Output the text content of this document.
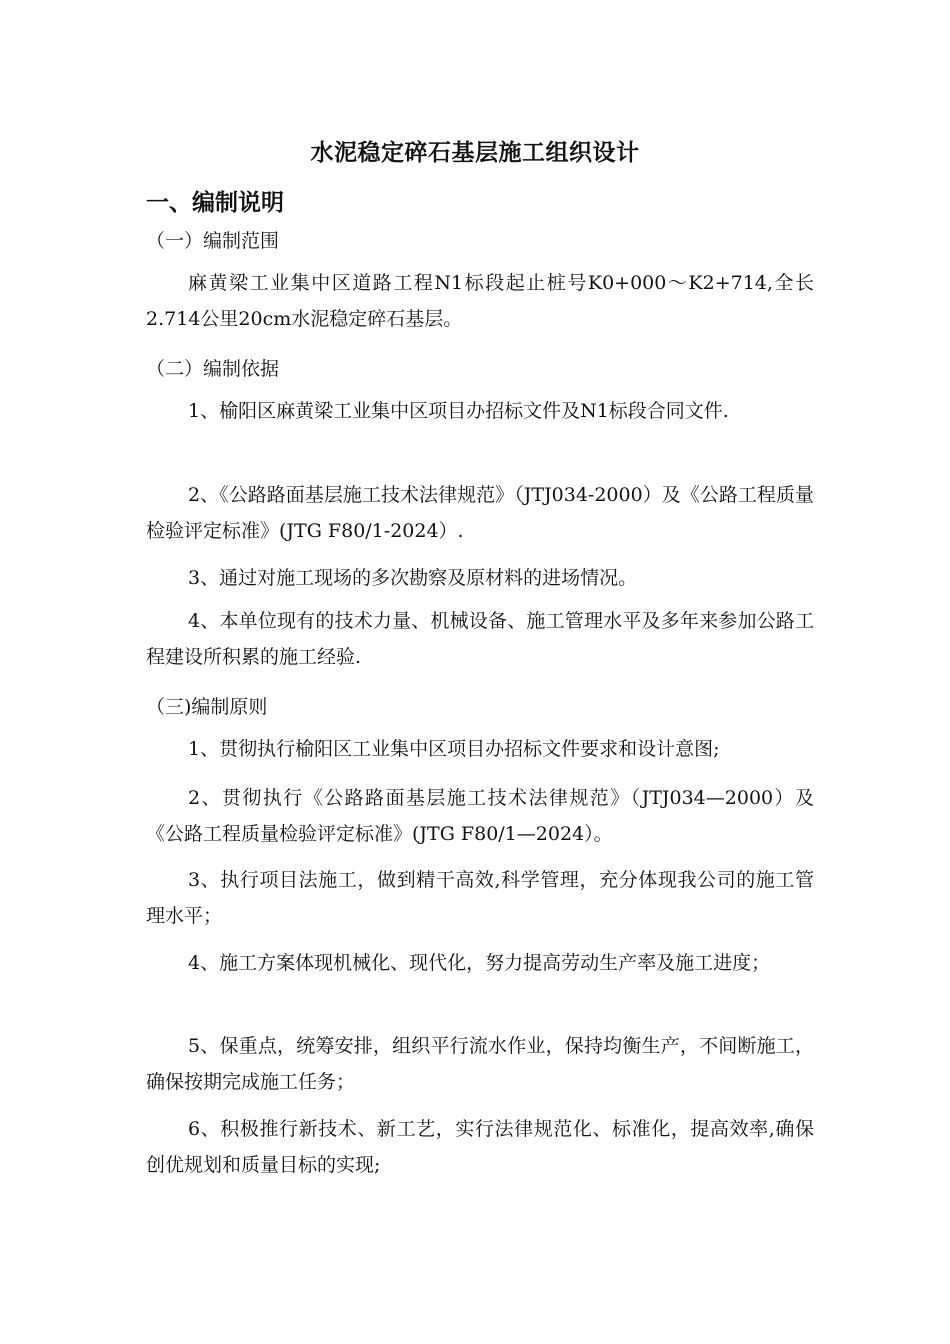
水泥稳定碎石基层施工组织设计
一、编制说明
（一）编制范围
麻黄梁工业集中区道路工程N1标段起止桩号K0+000～K2+714,全长2.714公里20cm水泥稳定碎石基层。
（二）编制依据
1、榆阳区麻黄梁工业集中区项目办招标文件及N1标段合同文件.
2、《公路路面基层施工技术法律规范》（JTJ034-2000）及《公路工程质量检验评定标准》(JTG F80/1-2024）.
3、通过对施工现场的多次勘察及原材料的进场情况。
4、本单位现有的技术力量、机械设备、施工管理水平及多年来参加公路工程建设所积累的施工经验.
（三)编制原则
1、贯彻执行榆阳区工业集中区项目办招标文件要求和设计意图;
2、贯彻执行《公路路面基层施工技术法律规范》（JTJ034—2000）及《公路工程质量检验评定标准》(JTG F80/1—2024）。
3、执行项目法施工，做到精干高效,科学管理，充分体现我公司的施工管理水平；
4、施工方案体现机械化、现代化，努力提高劳动生产率及施工进度；
5、保重点，统筹安排，组织平行流水作业，保持均衡生产，不间断施工，确保按期完成施工任务；
6、积极推行新技术、新工艺，实行法律规范化、标准化，提高效率,确保创优规划和质量目标的实现;
